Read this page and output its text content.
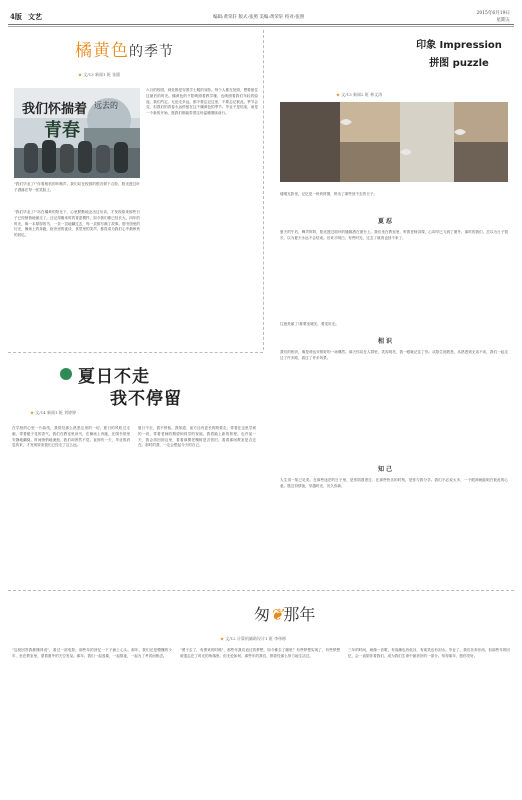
4版 文艺	编辑:黄荣轩 版式:张照 美编:黄荣轩 校对:张照
2015年6月19日
星期五
橘黄色的季节
★ 文/13 新闻1 班 张圆
我们怀揣着 远去的
青春
"我们毕业了!"伴着相机的咔嚓声，我们站在校园的银杏树下合影，阳光透过叶子洒落在每一张笑脸上。
"我们毕业了!"站在橘黄的阳光下，心里默默地念出这句话，才发现原来那些日子已经悄悄地溜走了。还记得刚来时的青涩模样，如今我们都已经长大。四年的时光，像一本厚厚的书，一页一页地翻过去，每一页都写满了故事。图书馆里的灯光，操场上的奔跑，宿舍里的夜谈，食堂里的笑声，都将成为我们心中最珍贵的回忆。
六月的校园，到处都是穿着学士服的身影。每个人都在拍照，想要留住这最后的时光。橘黄色的夕阳映照着教学楼，也映照着我们年轻的脸庞。我们约定，无论走多远，都不要忘记这里，不要忘记彼此。季节会变，但我们的青春永远停留在这个橘黄色的季节。毕业不是结束，而是一个新的开始，愿我们都能带着这份温暖继续前行。
印象 Impression
拼图 puzzle
★ 文/13 新闻2 班 林文涛
缕缕光影里，记忆是一块块拼图，拼出了那些回不去的日子。
夏忍
夏天的午后，蝉声阵阵，阳光透过树叶的缝隙洒在窗台上。我们坐在教室里，听着老师讲课，心却早已飞到了窗外。那时的我们，总以为日子很长，以为夏天永远不会结束。后来才明白，有些时光，过去了就再也回不来了。
往意美丽了!都要变暖光，要变好光。
相识
我们的相识，像是命运安排好的一场偶然。那天你站在人群里，笑容明亮，我一眼就记住了你。从陌生到熟悉，从熟悉到无话不谈，我们一起走过了许多路，看过了许多风景。
知己
人生得一知己足矣。在那些迷茫的日子里，是你陪我度过；在那些快乐的时刻，是你与我分享。我们不必说太多，一个眼神就能明白彼此的心意。愿这份情谊，穿越时光，历久弥新。
夏日不走
我不停留
★ 文/14 新闻1 班 刘婷婷
在学校的心里一片曲线，我曾经那么熟悉这里的一切。夏日的风吹过走廊，带着栀子花的香气。我们在教室里读书，在操场上奔跑，在图书馆里安静地翻阅。时间悄悄地流逝，我们却浑然不觉。直到有一天，毕业的消息传来，才发现原来我们已经走了这么远。
夏日不走，我不停留。我知道，前方还有更长的路要走。带着在这里学到的一切，带着老师的期望和同学的祝福，我将踏上新的旅程。也许某一天，我会再回到这里，看看那棵老槐树是否依旧，看看那间教室是否还在。那时的我，一定会想起今天的自己。
匆❦那年
★ 文/12 计算机辅助设计1 班 李伟彬
"这段回答我都懂得说"，看过一部电影，那些年的回忆一下子涌上心头。那年，我们还是懵懂的少年，坐在教室里，望着窗外的天空发呆。那年，我们一起逃课，一起熬夜，一起为了考试而焦虑。
"勇于去了，有勇来的时候"，那些年我们追过的梦想，如今都去了哪里？有些梦想实现了，有些梦想被遗忘在了时光的角落里。但无论如何，那些年的我们，都曾经那么努力地生活过。
三年的时间，就像一首歌，有高潮也有低谷，有欢笑也有泪水。毕业了，我们各奔东西，但那些年的回忆，会一直陪伴着我们，成为我们生命中最美好的一部分。匆匆那年，愿你安好。
